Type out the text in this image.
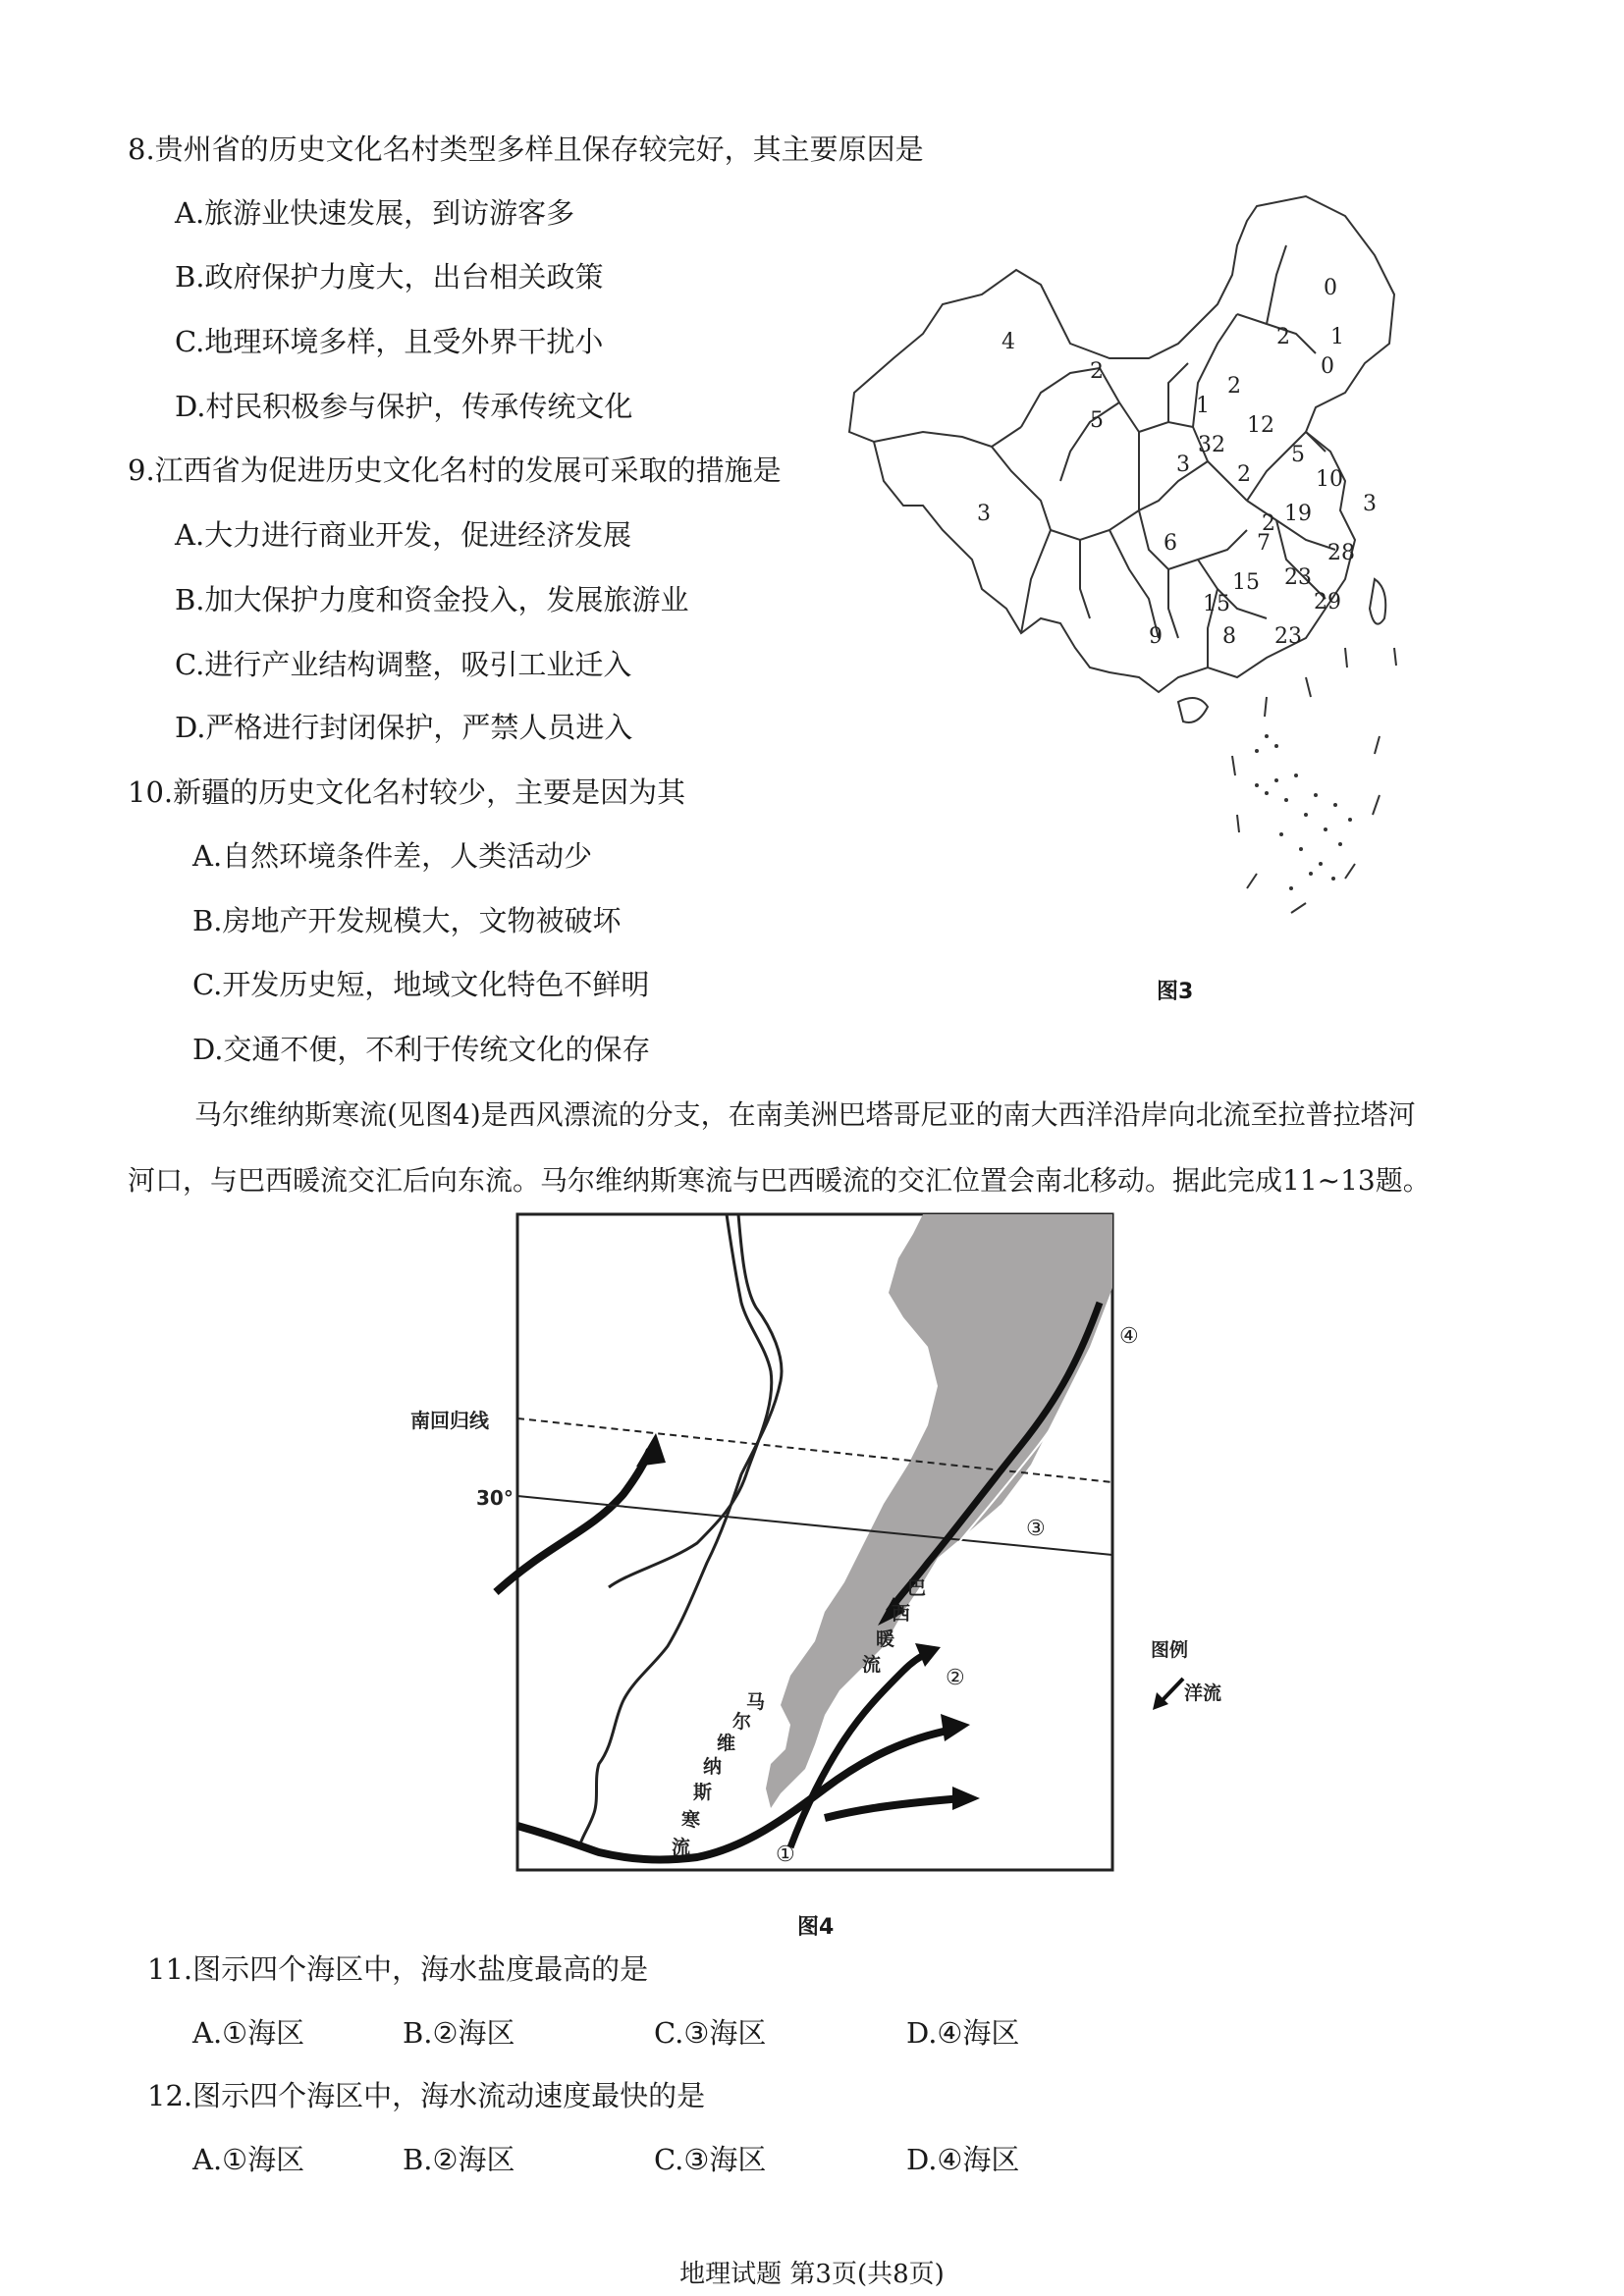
8.贵州省的历史文化名村类型多样且保存较完好，其主要原因是
A.旅游业快速发展，到访游客多
B.政府保护力度大，出台相关政策
C.地理环境多样，且受外界干扰小
D.村民积极参与保护，传承传统文化
9.江西省为促进历史文化名村的发展可采取的措施是
A.大力进行商业开发，促进经济发展
B.加大保护力度和资金投入，发展旅游业
C.进行产业结构调整，吸引工业迁入
D.严格进行封闭保护，严禁人员进入
10.新疆的历史文化名村较少，主要是因为其
A.自然环境条件差，人类活动少
B.房地产开发规模大，文物被破坏
C.开发历史短，地域文化特色不鲜明
D.交通不便，不利于传统文化的保存
0
2 1
0
2
4
2
1
12
32	5
5
3 2	10
3	19
2
6	7	28
15 23
15	29
9	8 23
3
图3
马尔维纳斯寒流(见图4)是西风漂流的分支，在南美洲巴塔哥尼亚的南大西洋沿岸向北流至拉普拉塔河
河口，与巴西暖流交汇后向东流。马尔维纳斯寒流与巴西暖流的交汇位置会南北移动。据此完成11~13题。
①
②
③
④
南回归线
30°
巴
西
暖
流
马
尔
维
纳
斯
寒
流
图例
洋流
图4
11.图示四个海区中，海水盐度最高的是
A.①海区	B.②海区	C.③海区	D.④海区
12.图示四个海区中，海水流动速度最快的是
A.①海区	B.②海区	C.③海区	D.④海区
地理试题 第3页(共8页)
